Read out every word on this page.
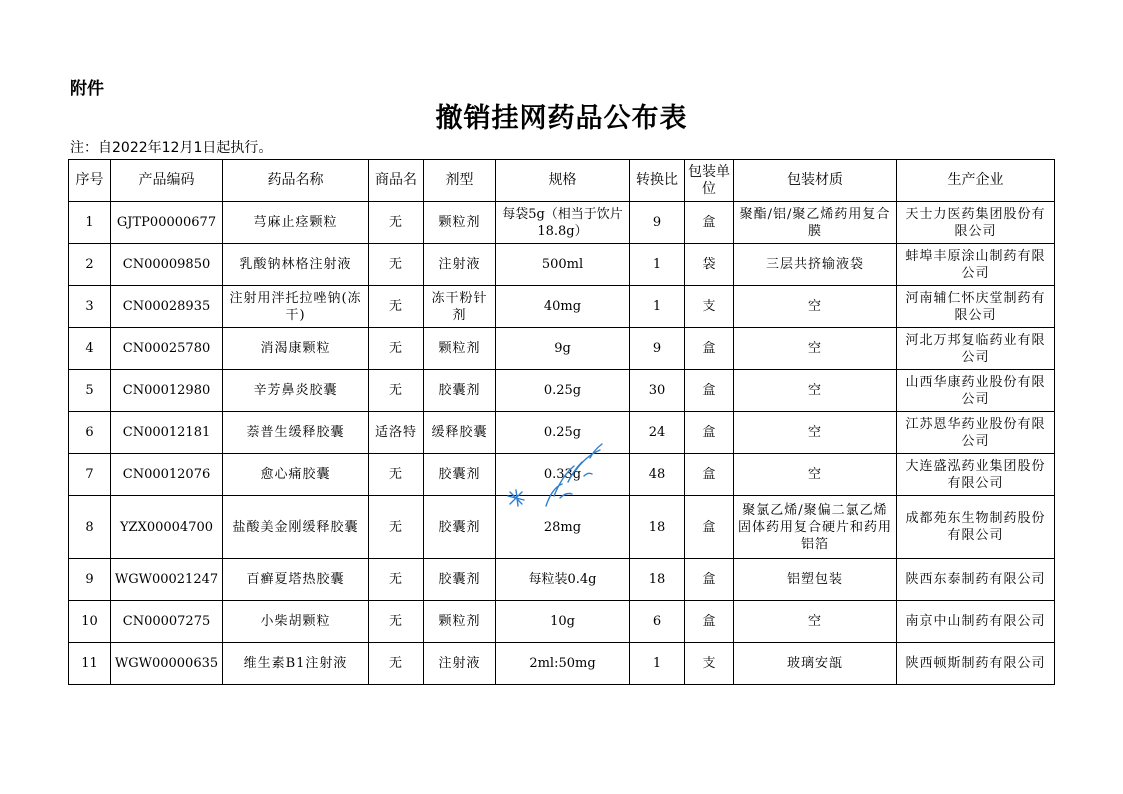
附件
撤销挂网药品公布表
注：自2022年12月1日起执行。
序号	产品编码	药品名称	商品名	剂型	规格	转换比	包装单位	包装材质	生产企业
1	GJTP00000677	芎麻止痉颗粒	无	颗粒剂	每袋5g（相当于饮片18.8g）	9	盒	聚酯/铝/聚乙烯药用复合膜	天士力医药集团股份有限公司
2	CN00009850	乳酸钠林格注射液	无	注射液	500ml	1	袋	三层共挤输液袋	蚌埠丰原涂山制药有限公司
3	CN00028935	注射用泮托拉唑钠(冻干)	无	冻干粉针剂	40mg	1	支	空	河南辅仁怀庆堂制药有限公司
4	CN00025780	消渴康颗粒	无	颗粒剂	9g	9	盒	空	河北万邦复临药业有限公司
5	CN00012980	辛芳鼻炎胶囊	无	胶囊剂	0.25g	30	盒	空	山西华康药业股份有限公司
6	CN00012181	萘普生缓释胶囊	适洛特	缓释胶囊	0.25g	24	盒	空	江苏恩华药业股份有限公司
7	CN00012076	愈心痛胶囊	无	胶囊剂	0.33g	48	盒	空	大连盛泓药业集团股份有限公司
8	YZX00004700	盐酸美金刚缓释胶囊	无	胶囊剂	28mg	18	盒	聚氯乙烯/聚偏二氯乙烯固体药用复合硬片和药用铝箔	成都苑东生物制药股份有限公司
9	WGW00021247	百癣夏塔热胶囊	无	胶囊剂	每粒装0.4g	18	盒	铝塑包装	陕西东泰制药有限公司
10	CN00007275	小柴胡颗粒	无	颗粒剂	10g	6	盒	空	南京中山制药有限公司
11	WGW00000635	维生素B1注射液	无	注射液	2ml:50mg	1	支	玻璃安瓿	陕西顿斯制药有限公司
